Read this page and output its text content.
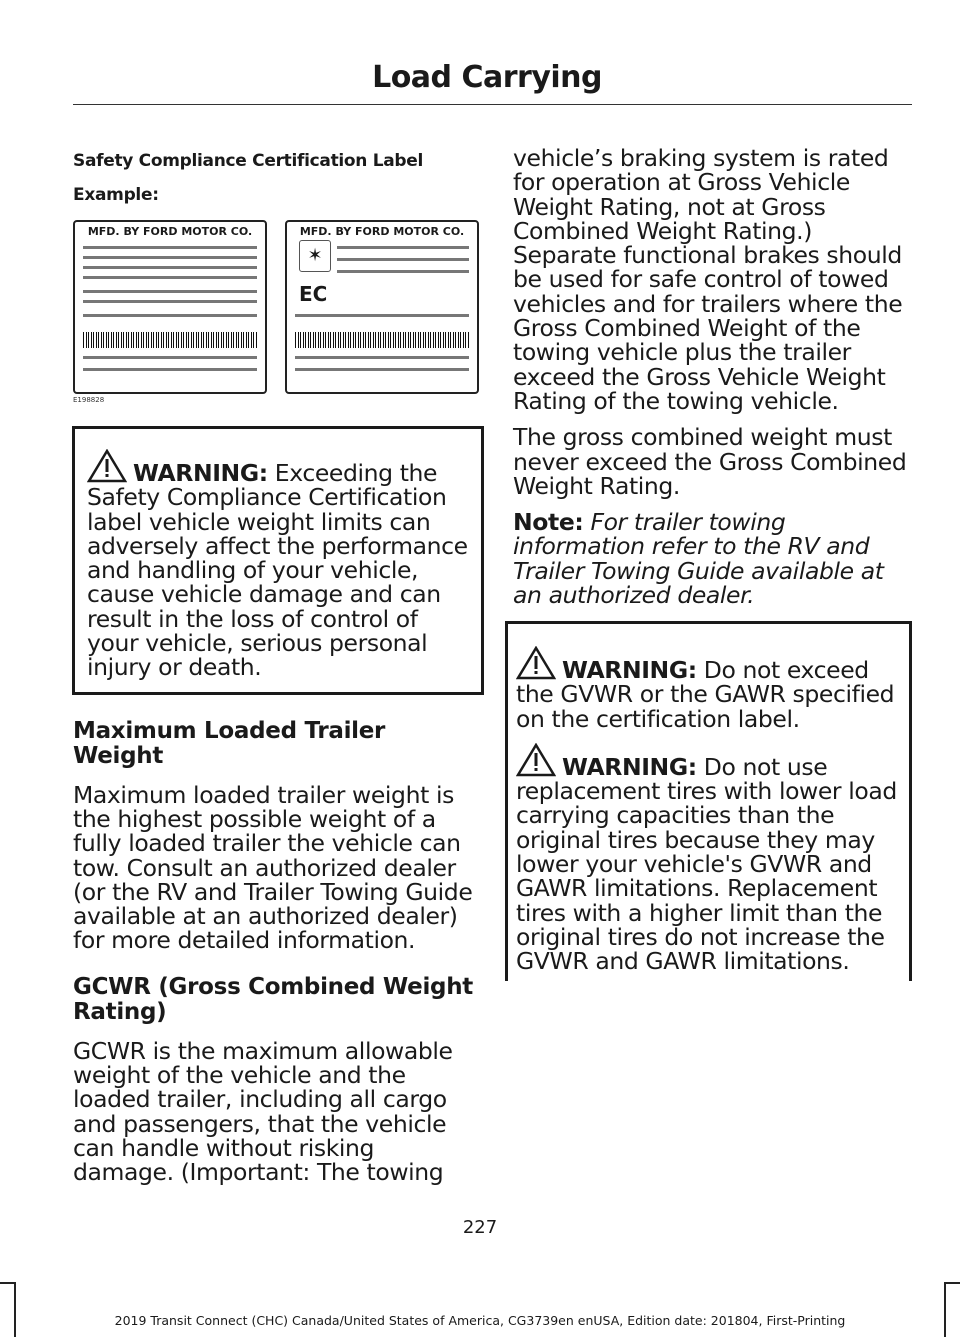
Load Carrying
Safety Compliance Certification Label
Example:
MFD. BY FORD MOTOR CO.	MFD. BY FORD MOTOR CO.
✶
EC
E198828
WARNING: Exceeding the Safety Compliance Certification label vehicle weight limits can adversely affect the performance and handling of your vehicle, cause vehicle damage and can result in the loss of control of your vehicle, serious personal injury or death.
Maximum Loaded Trailer Weight
Maximum loaded trailer weight is the highest possible weight of a fully loaded trailer the vehicle can tow. Consult an authorized dealer (or the RV and Trailer Towing Guide available at an authorized dealer) for more detailed information.
GCWR (Gross Combined Weight Rating)
GCWR is the maximum allowable weight of the vehicle and the loaded trailer, including all cargo and passengers, that the vehicle can handle without risking damage. (Important: The towing
vehicle’s braking system is rated for operation at Gross Vehicle Weight Rating, not at Gross Combined Weight Rating.) Separate functional brakes should be used for safe control of towed vehicles and for trailers where the Gross Combined Weight of the towing vehicle plus the trailer exceed the Gross Vehicle Weight Rating of the towing vehicle.
The gross combined weight must never exceed the Gross Combined Weight Rating.
Note: For trailer towing information refer to the RV and Trailer Towing Guide available at an authorized dealer.
WARNING: Do not exceed the GVWR or the GAWR specified on the certification label.
WARNING: Do not use replacement tires with lower load carrying capacities than the original tires because they may lower your vehicle's GVWR and GAWR limitations. Replacement tires with a higher limit than the original tires do not increase the GVWR and GAWR limitations.
227
2019 Transit Connect (CHC) Canada/United States of America, CG3739en enUSA, Edition date: 201804, First-Printing
